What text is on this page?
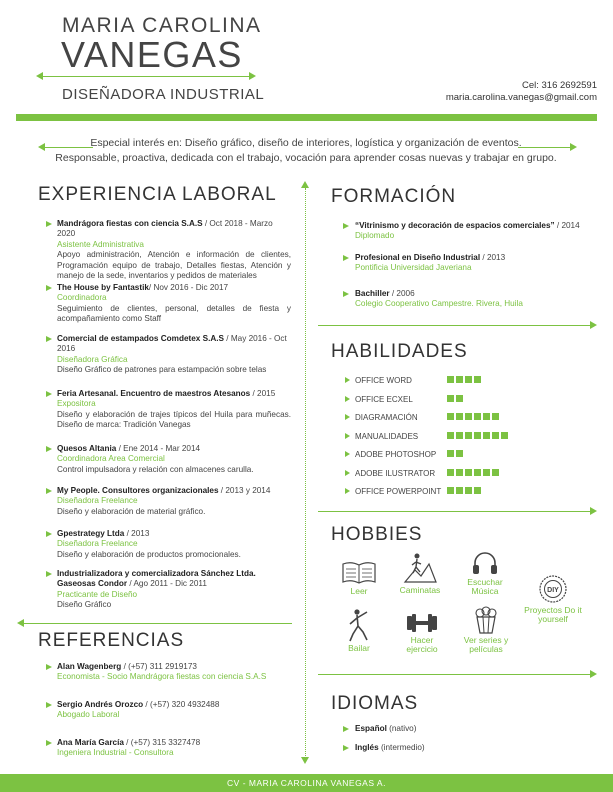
MARIA CAROLINA
VANEGAS
DISEÑADORA INDUSTRIAL
Cel: 316 2692591
maria.carolina.vanegas@gmail.com
Especial interés en: Diseño gráfico, diseño de interiores, logística y organización de eventos.
Responsable, proactiva, dedicada con el trabajo, vocación para aprender cosas nuevas y trabajar en grupo.
EXPERIENCIA LABORAL
Mandrágora fiestas con ciencia S.A.S / Oct 2018 - Marzo 2020
Asistente Administrativa
Apoyo administración, Atención e información de clientes, Programación equipo de trabajo, Detalles fiestas, Atención y manejo de la sede, inventarios y pedidos de materiales
The House by Fantastik/ Nov 2016 - Dic 2017
Coordinadora
Seguimiento de clientes, personal, detalles de fiesta y acompañamiento como Staff
Comercial de estampados Comdetex S.A.S / May 2016 - Oct 2016
Diseñadora Gráfica
Diseño Gráfico de patrones para estampación sobre telas
Feria Artesanal. Encuentro de maestros Atesanos / 2015
Expositora
Diseño y elaboración de trajes típicos del Huila para muñecas. Diseño de marca: Tradición Vanegas
Quesos Altania / Ene 2014 - Mar 2014
Coordinadora Area Comercial
Control impulsadora y relación con almacenes carulla.
My People. Consultores organizacionales / 2013 y 2014
Diseñadora Freelance
Diseño y elaboración de material gráfico.
Gpestrategy Ltda / 2013
Diseñadora Freelance
Diseño y elaboración de productos promocionales.
Industrializadora y comercializadora Sánchez Ltda. Gaseosas Condor / Ago 2011 - Dic 2011
Practicante de Diseño
Diseño Gráfico
REFERENCIAS
Alan Wagenberg / (+57) 311 2919173
Economista - Socio Mandrágora fiestas con ciencia S.A.S
Sergio Andrés Orozco / (+57) 320 4932488
Abogado Laboral
Ana María García / (+57) 315 3327478
Ingeniera Industrial - Consultora
FORMACIÓN
“Vitrinismo y decoración de espacios comerciales” / 2014
Diplomado
Profesional en Diseño Industrial / 2013
Pontificia Universidad Javeriana
Bachiller / 2006
Colegio Cooperativo Campestre. Rivera, Huila
HABILIDADES
OFFICE WORD
OFFICE ECXEL
DIAGRAMACIÓN
MANUALIDADES
ADOBE PHOTOSHOP
ADOBE ILUSTRATOR
OFFICE POWERPOINT
HOBBIES
Leer	Caminatas
Escuchar Música	DIY
Proyectos Do it yourself
Bailar
Hacer ejercicio
Ver series y películas
IDIOMAS
Español (nativo)
Inglés (intermedio)
CV - MARIA CAROLINA VANEGAS A.
